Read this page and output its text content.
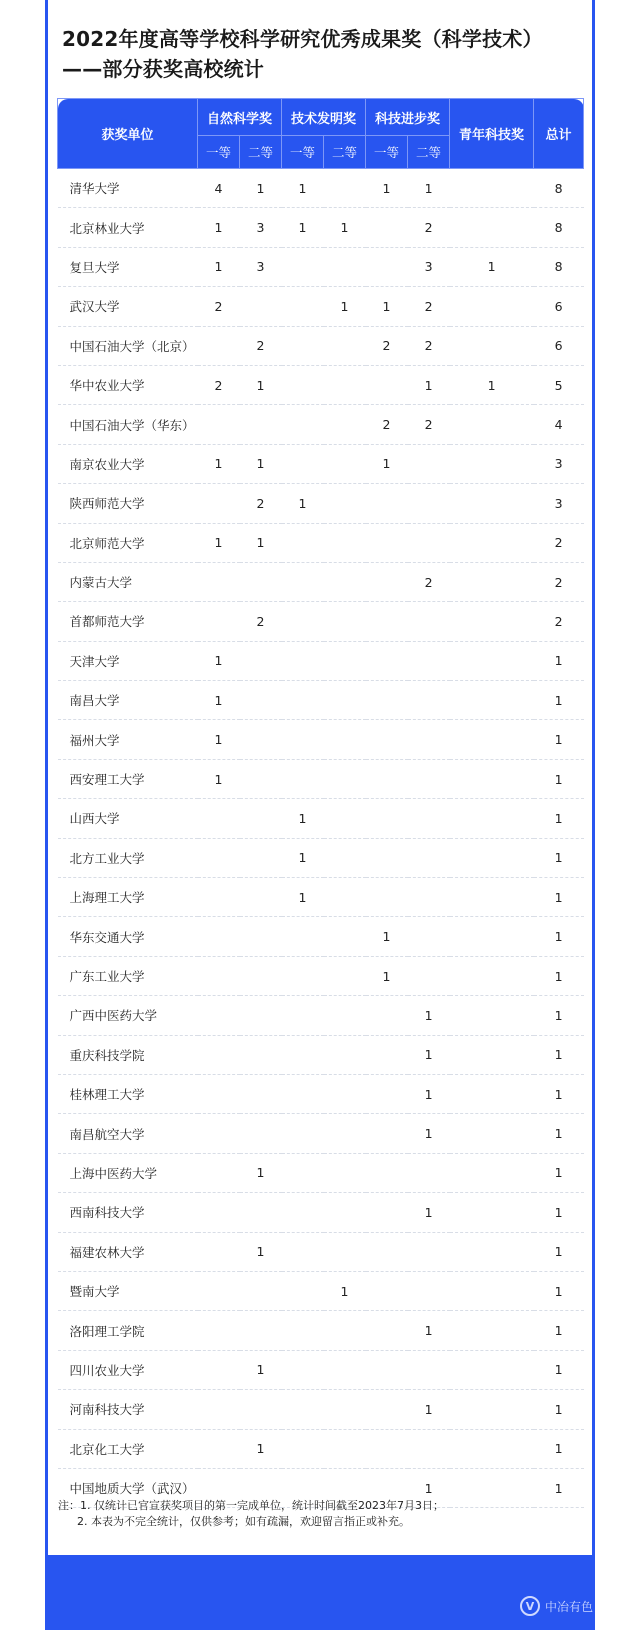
2022年度高等学校科学研究优秀成果奖（科学技术）
——部分获奖高校统计
获奖单位	自然科学奖		技术发明奖		科技进步奖		青年科技奖	总计
	一等	二等	一等	二等	一等	二等		
清华大学	4	1	1		1	1		8
北京林业大学	1	3	1	1		2		8
复旦大学	1	3				3	1	8
武汉大学	2			1	1	2		6
中国石油大学（北京）		2			2	2		6
华中农业大学	2	1				1	1	5
中国石油大学（华东）					2	2		4
南京农业大学	1	1			1			3
陕西师范大学		2	1					3
北京师范大学	1	1						2
内蒙古大学						2		2
首都师范大学		2						2
天津大学	1							1
南昌大学	1							1
福州大学	1							1
西安理工大学	1							1
山西大学			1					1
北方工业大学			1					1
上海理工大学			1					1
华东交通大学					1			1
广东工业大学					1			1
广西中医药大学						1		1
重庆科技学院						1		1
桂林理工大学						1		1
南昌航空大学						1		1
上海中医药大学		1						1
西南科技大学						1		1
福建农林大学		1						1
暨南大学				1				1
洛阳理工学院						1		1
四川农业大学		1						1
河南科技大学						1		1
北京化工大学		1						1
中国地质大学（武汉）						1		1
注：1. 仅统计已官宣获奖项目的第一完成单位，统计时间截至2023年7月3日；
2. 本表为不完全统计，仅供参考；如有疏漏，欢迎留言指正或补充。
V 中冶有色
